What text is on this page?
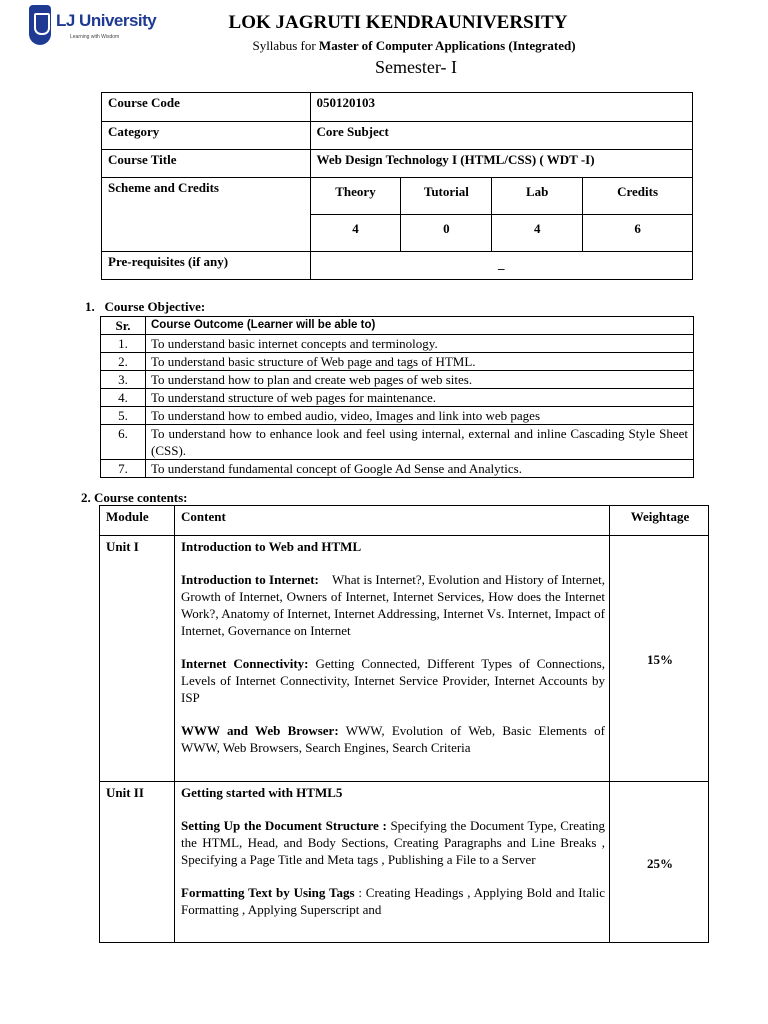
LJ University
Learning with Wisdom
LOK JAGRUTI KENDRAUNIVERSITY
Syllabus for Master of Computer Applications (Integrated)
Semester- I
Course Code	050120103			
Category	Core Subject			
Course Title	Web Design Technology I (HTML/CSS) ( WDT -I)			
Scheme and Credits	Theory	Tutorial	Lab	Credits
	4	0	4	6
Pre-requisites (if any)	_			
1.   Course Objective:
Sr.	Course Outcome (Learner will be able to)
1.	To understand basic internet concepts and terminology.
2.	To understand basic structure of Web page and tags of HTML.
3.	To understand how to plan and create web pages of web sites.
4.	To understand structure of web pages for maintenance.
5.	To understand how to embed audio, video, Images and link into web pages
6.	To understand how to enhance look and feel using internal, external and inline Cascading Style Sheet (CSS).
7.	To understand fundamental concept of Google Ad Sense and Analytics.
2. Course contents:
Module	Content	Weightage
Unit I	Introduction to Web and HTML
Introduction to Internet: What is Internet?, Evolution and History of Internet, Growth of Internet, Owners of Internet, Internet Services, How does the Internet Work?, Anatomy of Internet, Internet Addressing, Internet Vs. Internet, Impact of Internet, Governance on Internet
Internet Connectivity: Getting Connected, Different Types of Connections, Levels of Internet Connectivity, Internet Service Provider, Internet Accounts by ISP
WWW and Web Browser: WWW, Evolution of Web, Basic Elements of WWW, Web Browsers, Search Engines, Search Criteria	15%
Unit II	Getting started with HTML5
Setting Up the Document Structure : Specifying the Document Type, Creating the HTML, Head, and Body Sections, Creating Paragraphs and Line Breaks , Specifying a Page Title and Meta tags , Publishing a File to a Server
Formatting Text by Using Tags : Creating Headings , Applying Bold and Italic Formatting , Applying Superscript and	25%
